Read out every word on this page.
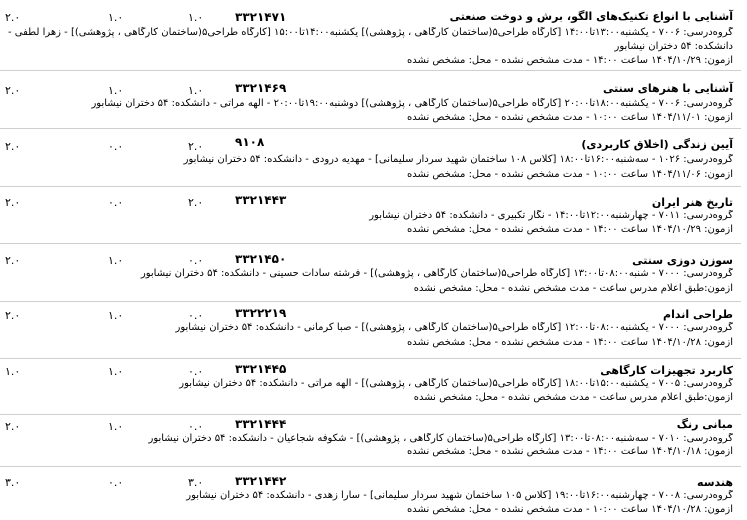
آشنایی با انواع تکنیک‌های الگو، برش و دوخت صنعتی
۳۳۲۱۴۷۱
۱.۰
۱.۰
۲.۰
گروه‌درسی: ۷۰۰۶ - یکشنبه۱۳:۰۰تا۱۴:۰۰ [کارگاه طراحی۵(ساختمان کارگاهی ، پژوهشی)] یکشنبه۱۴:۰۰تا۱۵:۰۰ [کارگاه طراحی۵(ساختمان کارگاهی ، پژوهشی)] - زهرا لطفی -
دانشکده: ۵۴ دختران نیشابور
آزمون: ۱۴۰۴/۱۰/۲۹ ساعت ۱۴:۰۰ - مدت مشخص نشده - محل: مشخص نشده
آشنایی با هنرهای سنتی
۳۳۲۱۴۶۹
۱.۰
۱.۰
۲.۰
گروه‌درسی: ۷۰۰۶ - یکشنبه۱۸:۰۰تا۲۰:۰۰ [کارگاه طراحی۵(ساختمان کارگاهی ، پژوهشی)] دوشنبه۱۹:۰۰تا۲۰:۰۰ - الهه مرآتی - دانشکده: ۵۴ دختران نیشابور
آزمون: ۱۴۰۴/۱۱/۰۱ ساعت ۱۰:۰۰ - مدت مشخص نشده - محل: مشخص نشده
آیین زندگی (اخلاق کاربردی)
۹۱۰۸
۲.۰
۰.۰
۲.۰
گروه‌درسی: ۱۰۲۶ - سه‌شنبه۱۶:۰۰تا۱۸:۰۰ [کلاس ۱۰۸ ساختمان شهید سردار سلیمانی] - مهدیه درودی - دانشکده: ۵۴ دختران نیشابور
آزمون: ۱۴۰۴/۱۱/۰۶ ساعت ۱۰:۰۰ - مدت مشخص نشده - محل: مشخص نشده
تاریخ هنر ایران
۳۳۲۱۴۴۳
۲.۰
۰.۰
۲.۰
گروه‌درسی: ۷۰۱۱ - چهارشنبه۱۲:۰۰تا۱۴:۰۰ - نگار تکبیری - دانشکده: ۵۴ دختران نیشابور
آزمون: ۱۴۰۴/۱۰/۲۹ ساعت ۱۴:۰۰ - مدت مشخص نشده - محل: مشخص نشده
سوزن دوزی سنتی
۳۳۲۱۴۵۰
۰.۰
۱.۰
۲.۰
گروه‌درسی: ۷۰۰۰ - شنبه۰۸:۰۰تا۱۳:۰۰ [کارگاه طراحی۵(ساختمان کارگاهی ، پژوهشی)] - فرشته سادات حسینی - دانشکده: ۵۴ دختران نیشابور
آزمون:طبق اعلام مدرس ساعت - مدت مشخص نشده - محل: مشخص نشده
طراحی اندام
۳۳۲۲۲۱۹
۰.۰
۱.۰
۲.۰
گروه‌درسی: ۷۰۰۰ - یکشنبه۰۸:۰۰تا۱۲:۰۰ [کارگاه طراحی۵(ساختمان کارگاهی ، پژوهشی)] - صبا کرمانی - دانشکده: ۵۴ دختران نیشابور
آزمون: ۱۴۰۴/۱۰/۲۸ ساعت ۱۴:۰۰ - مدت مشخص نشده - محل: مشخص نشده
کاربرد تجهیزات کارگاهی
۳۳۲۱۴۴۵
۰.۰
۱.۰
۱.۰
گروه‌درسی: ۷۰۰۵ - یکشنبه۱۵:۰۰تا۱۸:۰۰ [کارگاه طراحی۵(ساختمان کارگاهی ، پژوهشی)] - الهه مرآتی - دانشکده: ۵۴ دختران نیشابور
آزمون:طبق اعلام مدرس ساعت - مدت مشخص نشده - محل: مشخص نشده
مبانی رنگ
۳۳۲۱۴۴۴
۰.۰
۱.۰
۲.۰
گروه‌درسی: ۷۰۱۰ - سه‌شنبه۰۸:۰۰تا۱۳:۰۰ [کارگاه طراحی۵(ساختمان کارگاهی ، پژوهشی)] - شکوفه شجاعیان - دانشکده: ۵۴ دختران نیشابور
آزمون: ۱۴۰۴/۱۰/۱۸ ساعت ۱۴:۰۰ - مدت مشخص نشده - محل: مشخص نشده
هندسه
۳۳۲۱۴۴۲
۳.۰
۰.۰
۳.۰
گروه‌درسی: ۷۰۰۸ - چهارشنبه۱۶:۰۰تا۱۹:۰۰ [کلاس ۱۰۵ ساختمان شهید سردار سلیمانی] - سارا زهدی - دانشکده: ۵۴ دختران نیشابور
آزمون: ۱۴۰۴/۱۰/۲۸ ساعت ۱۰:۰۰ - مدت مشخص نشده - محل: مشخص نشده
